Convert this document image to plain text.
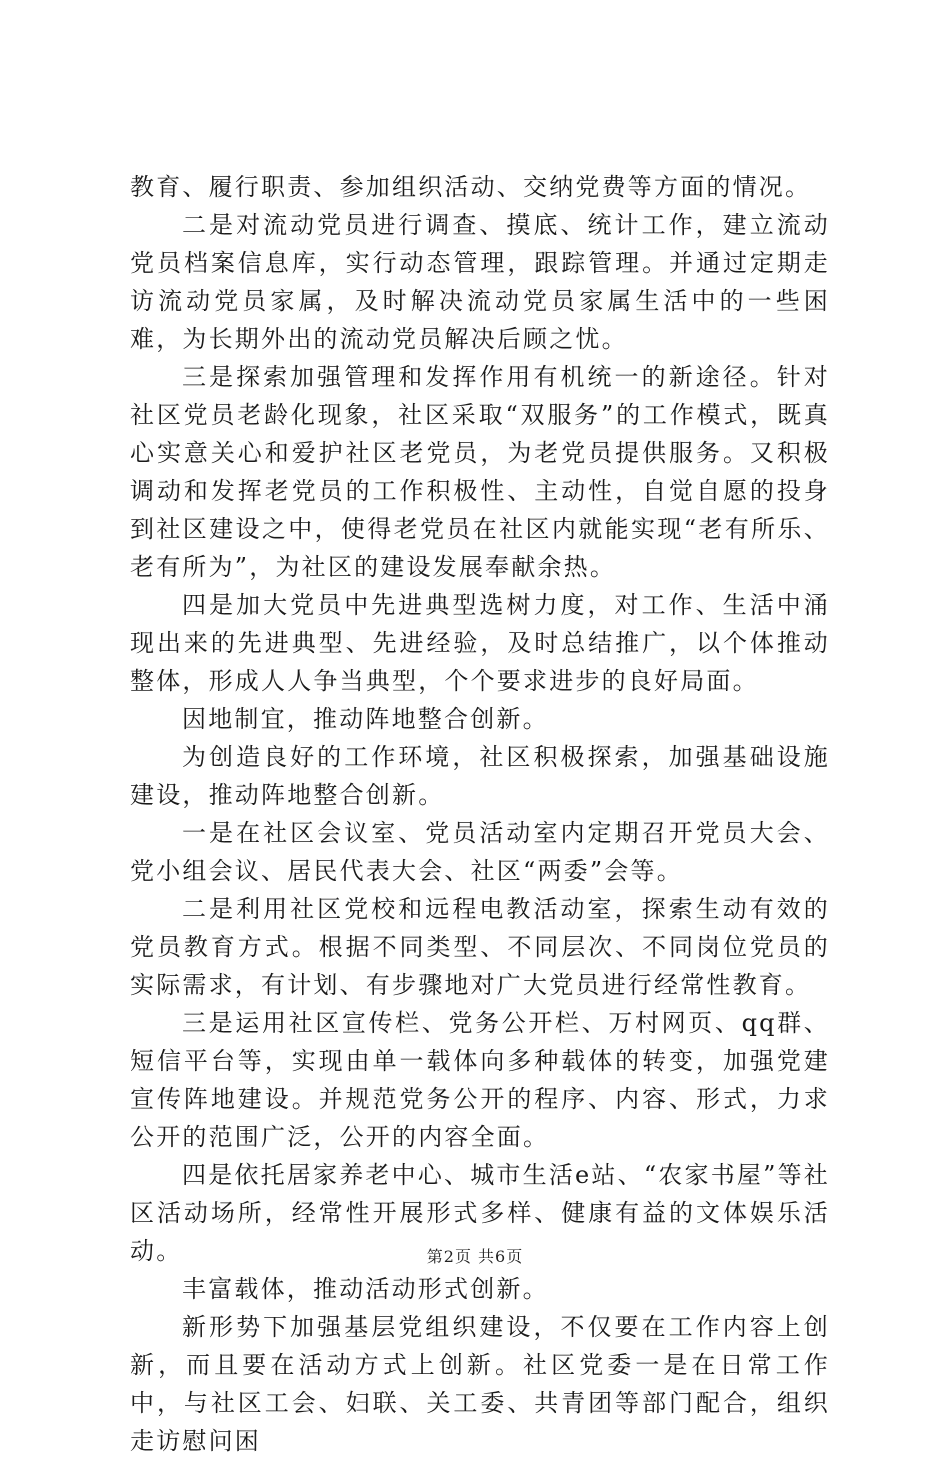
教育、履行职责、参加组织活动、交纳党费等方面的情况。

二是对流动党员进行调查、摸底、统计工作，建立流动党员档案信息库，实行动态管理，跟踪管理。并通过定期走访流动党员家属，及时解决流动党员家属生活中的一些困难，为长期外出的流动党员解决后顾之忧。

三是探索加强管理和发挥作用有机统一的新途径。针对社区党员老龄化现象，社区采取“双服务”的工作模式，既真心实意关心和爱护社区老党员，为老党员提供服务。又积极调动和发挥老党员的工作积极性、主动性，自觉自愿的投身到社区建设之中，使得老党员在社区内就能实现“老有所乐、老有所为”，为社区的建设发展奉献余热。

四是加大党员中先进典型选树力度，对工作、生活中涌现出来的先进典型、先进经验，及时总结推广，以个体推动整体，形成人人争当典型，个个要求进步的良好局面。

因地制宜，推动阵地整合创新。

为创造良好的工作环境，社区积极探索，加强基础设施建设，推动阵地整合创新。

一是在社区会议室、党员活动室内定期召开党员大会、党小组会议、居民代表大会、社区“两委”会等。

二是利用社区党校和远程电教活动室，探索生动有效的党员教育方式。根据不同类型、不同层次、不同岗位党员的实际需求，有计划、有步骤地对广大党员进行经常性教育。

三是运用社区宣传栏、党务公开栏、万村网页、qq群、短信平台等，实现由单一载体向多种载体的转变，加强党建宣传阵地建设。并规范党务公开的程序、内容、形式，力求公开的范围广泛，公开的内容全面。

四是依托居家养老中心、城市生活e站、“农家书屋”等社区活动场所，经常性开展形式多样、健康有益的文体娱乐活动。

丰富载体，推动活动形式创新。

新形势下加强基层党组织建设，不仅要在工作内容上创新，而且要在活动方式上创新。社区党委一是在日常工作中，与社区工会、妇联、关工委、共青团等部门配合，组织走访慰问困

第2页 共6页
